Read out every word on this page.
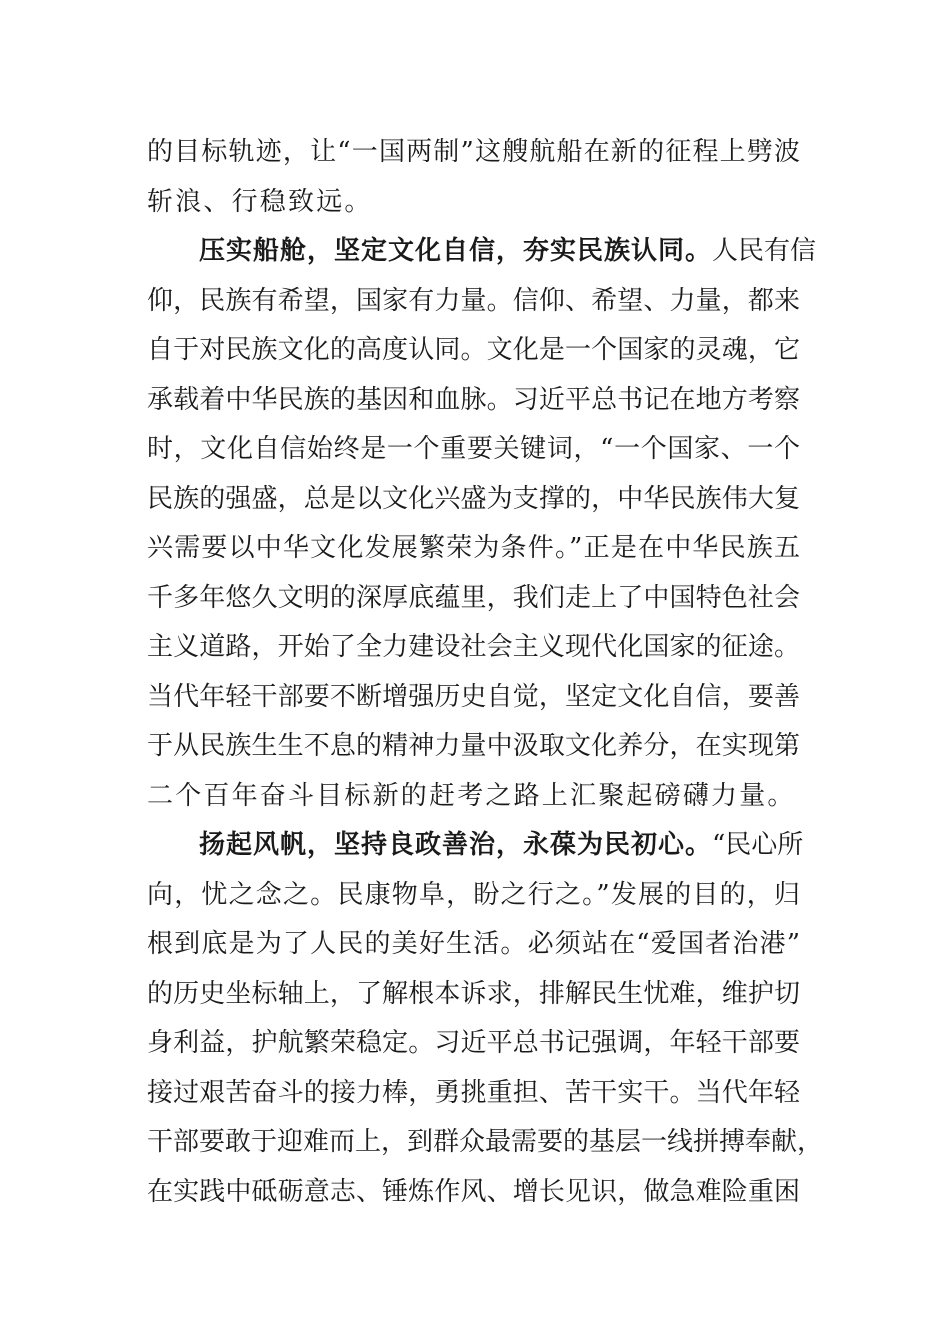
的目标轨迹，让“一国两制”这艘航船在新的征程上劈波
斩浪、行稳致远。
压实船舱，坚定文化自信，夯实民族认同。人民有信
仰，民族有希望，国家有力量。信仰、希望、力量，都来
自于对民族文化的高度认同。文化是一个国家的灵魂，它
承载着中华民族的基因和血脉。习近平总书记在地方考察
时，文化自信始终是一个重要关键词，“一个国家、一个
民族的强盛，总是以文化兴盛为支撑的，中华民族伟大复
兴需要以中华文化发展繁荣为条件。”正是在中华民族五
千多年悠久文明的深厚底蕴里，我们走上了中国特色社会
主义道路，开始了全力建设社会主义现代化国家的征途。
当代年轻干部要不断增强历史自觉，坚定文化自信，要善
于从民族生生不息的精神力量中汲取文化养分，在实现第
二个百年奋斗目标新的赶考之路上汇聚起磅礴力量。
扬起风帆，坚持良政善治，永葆为民初心。“民心所
向，忧之念之。民康物阜，盼之行之。”发展的目的，归
根到底是为了人民的美好生活。必须站在“爱国者治港”
的历史坐标轴上，了解根本诉求，排解民生忧难，维护切
身利益，护航繁荣稳定。习近平总书记强调，年轻干部要
接过艰苦奋斗的接力棒，勇挑重担、苦干实干。当代年轻
干部要敢于迎难而上，到群众最需要的基层一线拼搏奉献，
在实践中砥砺意志、锤炼作风、增长见识，做急难险重困
